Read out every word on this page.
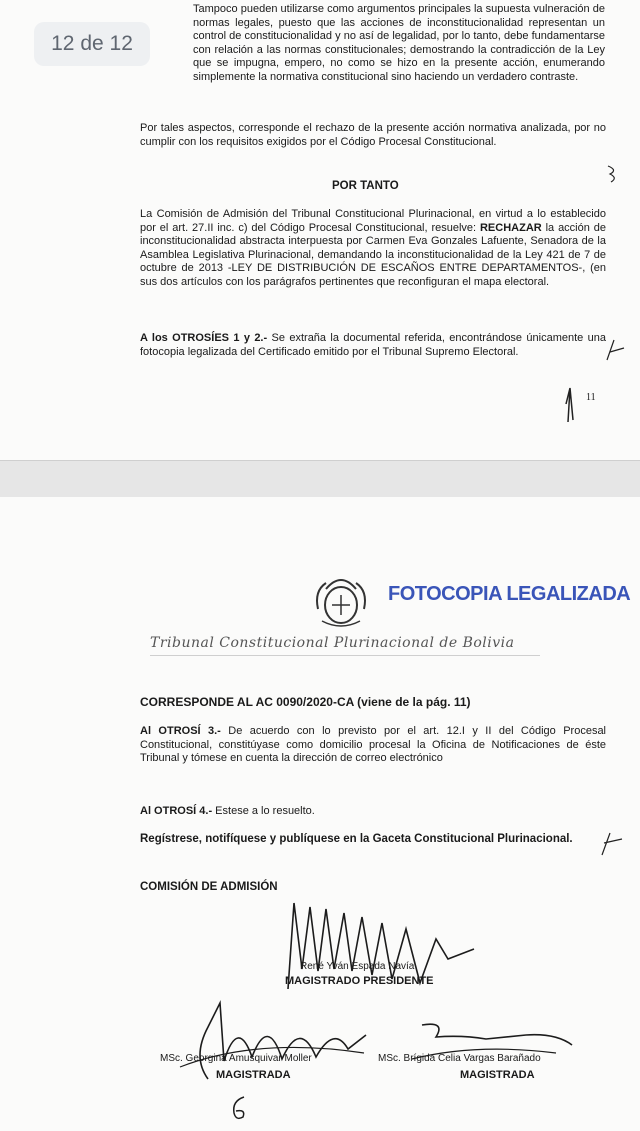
12 de 12

Tampoco pueden utilizarse como argumentos principales la supuesta vulneración de normas legales, puesto que las acciones de inconstitucionalidad representan un control de constitucionalidad y no así de legalidad, por lo tanto, debe fundamentarse con relación a las normas constitucionales; demostrando la contradicción de la Ley que se impugna, empero, no como se hizo en la presente acción, enumerando simplemente la normativa constitucional sino haciendo un verdadero contraste.

Por tales aspectos, corresponde el rechazo de la presente acción normativa analizada, por no cumplir con los requisitos exigidos por el Código Procesal Constitucional.

POR TANTO

La Comisión de Admisión del Tribunal Constitucional Plurinacional, en virtud a lo establecido por el art. 27.II inc. c) del Código Procesal Constitucional, resuelve: RECHAZAR la acción de inconstitucionalidad abstracta interpuesta por Carmen Eva Gonzales Lafuente, Senadora de la Asamblea Legislativa Plurinacional, demandando la inconstitucionalidad de la Ley 421 de 7 de octubre de 2013 -LEY DE DISTRIBUCIÓN DE ESCAÑOS ENTRE DEPARTAMENTOS-, (en sus dos artículos con los parágrafos pertinentes que reconfiguran el mapa electoral.

A los OTROSÍES 1 y 2.- Se extraña la documental referida, encontrándose únicamente una fotocopia legalizada del Certificado emitido por el Tribunal Supremo Electoral.

11
FOTOCOPIA LEGALIZADA
Tribunal Constitucional Plurinacional de Bolivia
CORRESPONDE AL AC 0090/2020-CA (viene de la pág. 11)

Al OTROSÍ 3.- De acuerdo con lo previsto por el art. 12.I y II del Código Procesal Constitucional, constitúyase como domicilio procesal la Oficina de Notificaciones de éste Tribunal y tómese en cuenta la dirección de correo electrónico

Al OTROSÍ 4.- Estese a lo resuelto.

Regístrese, notifíquese y publíquese en la Gaceta Constitucional Plurinacional.

COMISIÓN DE ADMISIÓN
René Yván Espada Navía
MAGISTRADO PRESIDENTE
MSc. Georgina Amusquivar Moller
MAGISTRADA
MSc. Brígida Celia Vargas Barañado
MAGISTRADA
